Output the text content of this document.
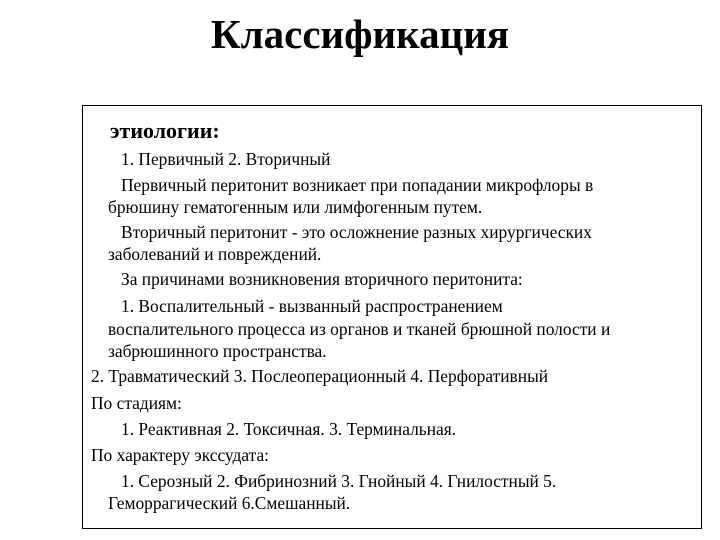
Классификация
этиологии:
1. Первичный 2. Вторичный
Первичный перитонит возникает при попадании микрофлоры в
брюшину гематогенным или лимфогенным путем.
Вторичный перитонит - это осложнение разных хирургических
заболеваний и повреждений.
За причинами возникновения вторичного перитонита:
1. Воспалительный - вызванный распространением
воспалительного процесса из органов и тканей брюшной полости и
забрюшинного пространства.
2. Травматический 3. Послеоперационный 4. Перфоративный
По стадиям:
1. Реактивная 2. Токсичная. 3. Терминальная.
По характеру экссудата:
1. Серозный 2. Фибринозний 3. Гнойный 4. Гнилостный 5.
Геморрагический 6.Смешанный.
